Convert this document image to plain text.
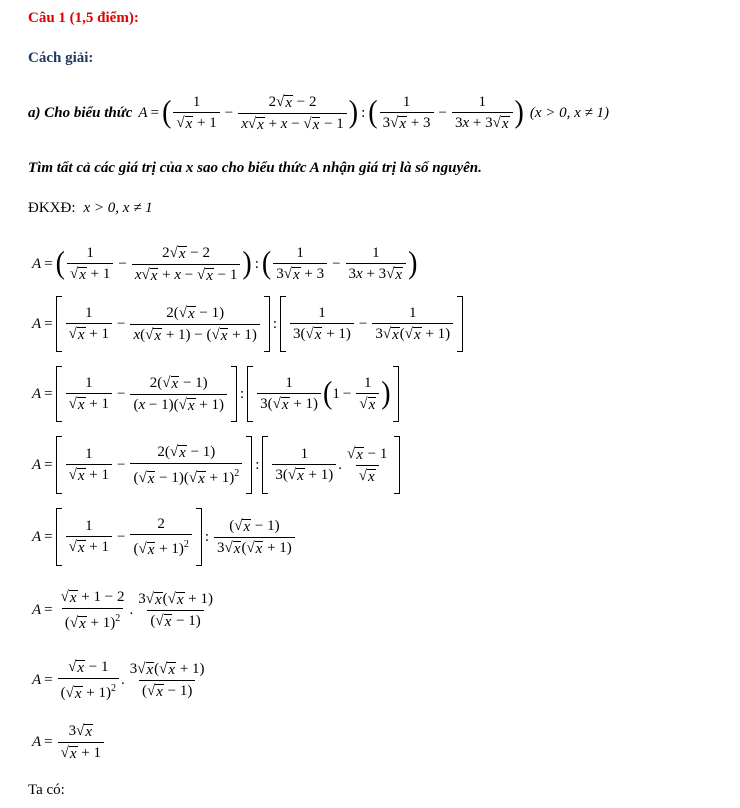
Câu 1 (1,5 điểm):
Cách giải:
a) Cho biểu thức A = ( $\frac{1}{√ x + 1} - \frac{2 √ x - 2}{x √ x + x - √ x - 1}$ ) : ( $\frac{1}{3 √ x + 3} - \frac{1}{3x + 3 √ x}$ ) (x > 0, x ≠ 1)
Tìm tất cả các giá trị của x sao cho biểu thức A nhận giá trị là số nguyên.
ĐKXĐ: x > 0, x ≠ 1
A = ( $\frac{1}{√ x + 1} - \frac{2 √ x - 2}{x √ x + x - √ x - 1}$ ) : ( $\frac{1}{3 √ x + 3} - \frac{1}{3x + 3 √ x}$ )
$A = \frac{1}{√ x + 1} - \frac{2( √ x - 1)}{x( √ x + 1) - ( √ x + 1)}$ : $\frac{1}{3( √ x + 1)} - \frac{1}{3 √ x ( √ x + 1)}$
$A = \frac{1}{√ x + 1} - \frac{2( √ x - 1)}{(x - 1)( √ x + 1)}$ : $\frac{1}{3( √ x + 1)}$ ( $1 - \frac{1}{√ x}$ )
$A = \frac{1}{√ x + 1} - \frac{2( √ x - 1)}{( √ x - 1)( √ x + 1)^2}$ : $\frac{1}{3( √ x + 1)}$ . $\frac{√ x - 1}{√ x}$
$A = \frac{1}{√ x + 1} - \frac{2}{( √ x + 1)^2}$ : $\frac{( √ x - 1)}{3 √ x ( √ x + 1)}$
$A = \frac{√ x + 1 - 2}{( √ x + 1)^2}$ . $\frac{3 √ x ( √ x + 1)}{( √ x - 1)}$
$A = \frac{√ x - 1}{( √ x + 1)^2}$ . $\frac{3 √ x ( √ x + 1)}{( √ x - 1)}$
$A = \frac{3 √ x}{√ x + 1}$
Ta có:
